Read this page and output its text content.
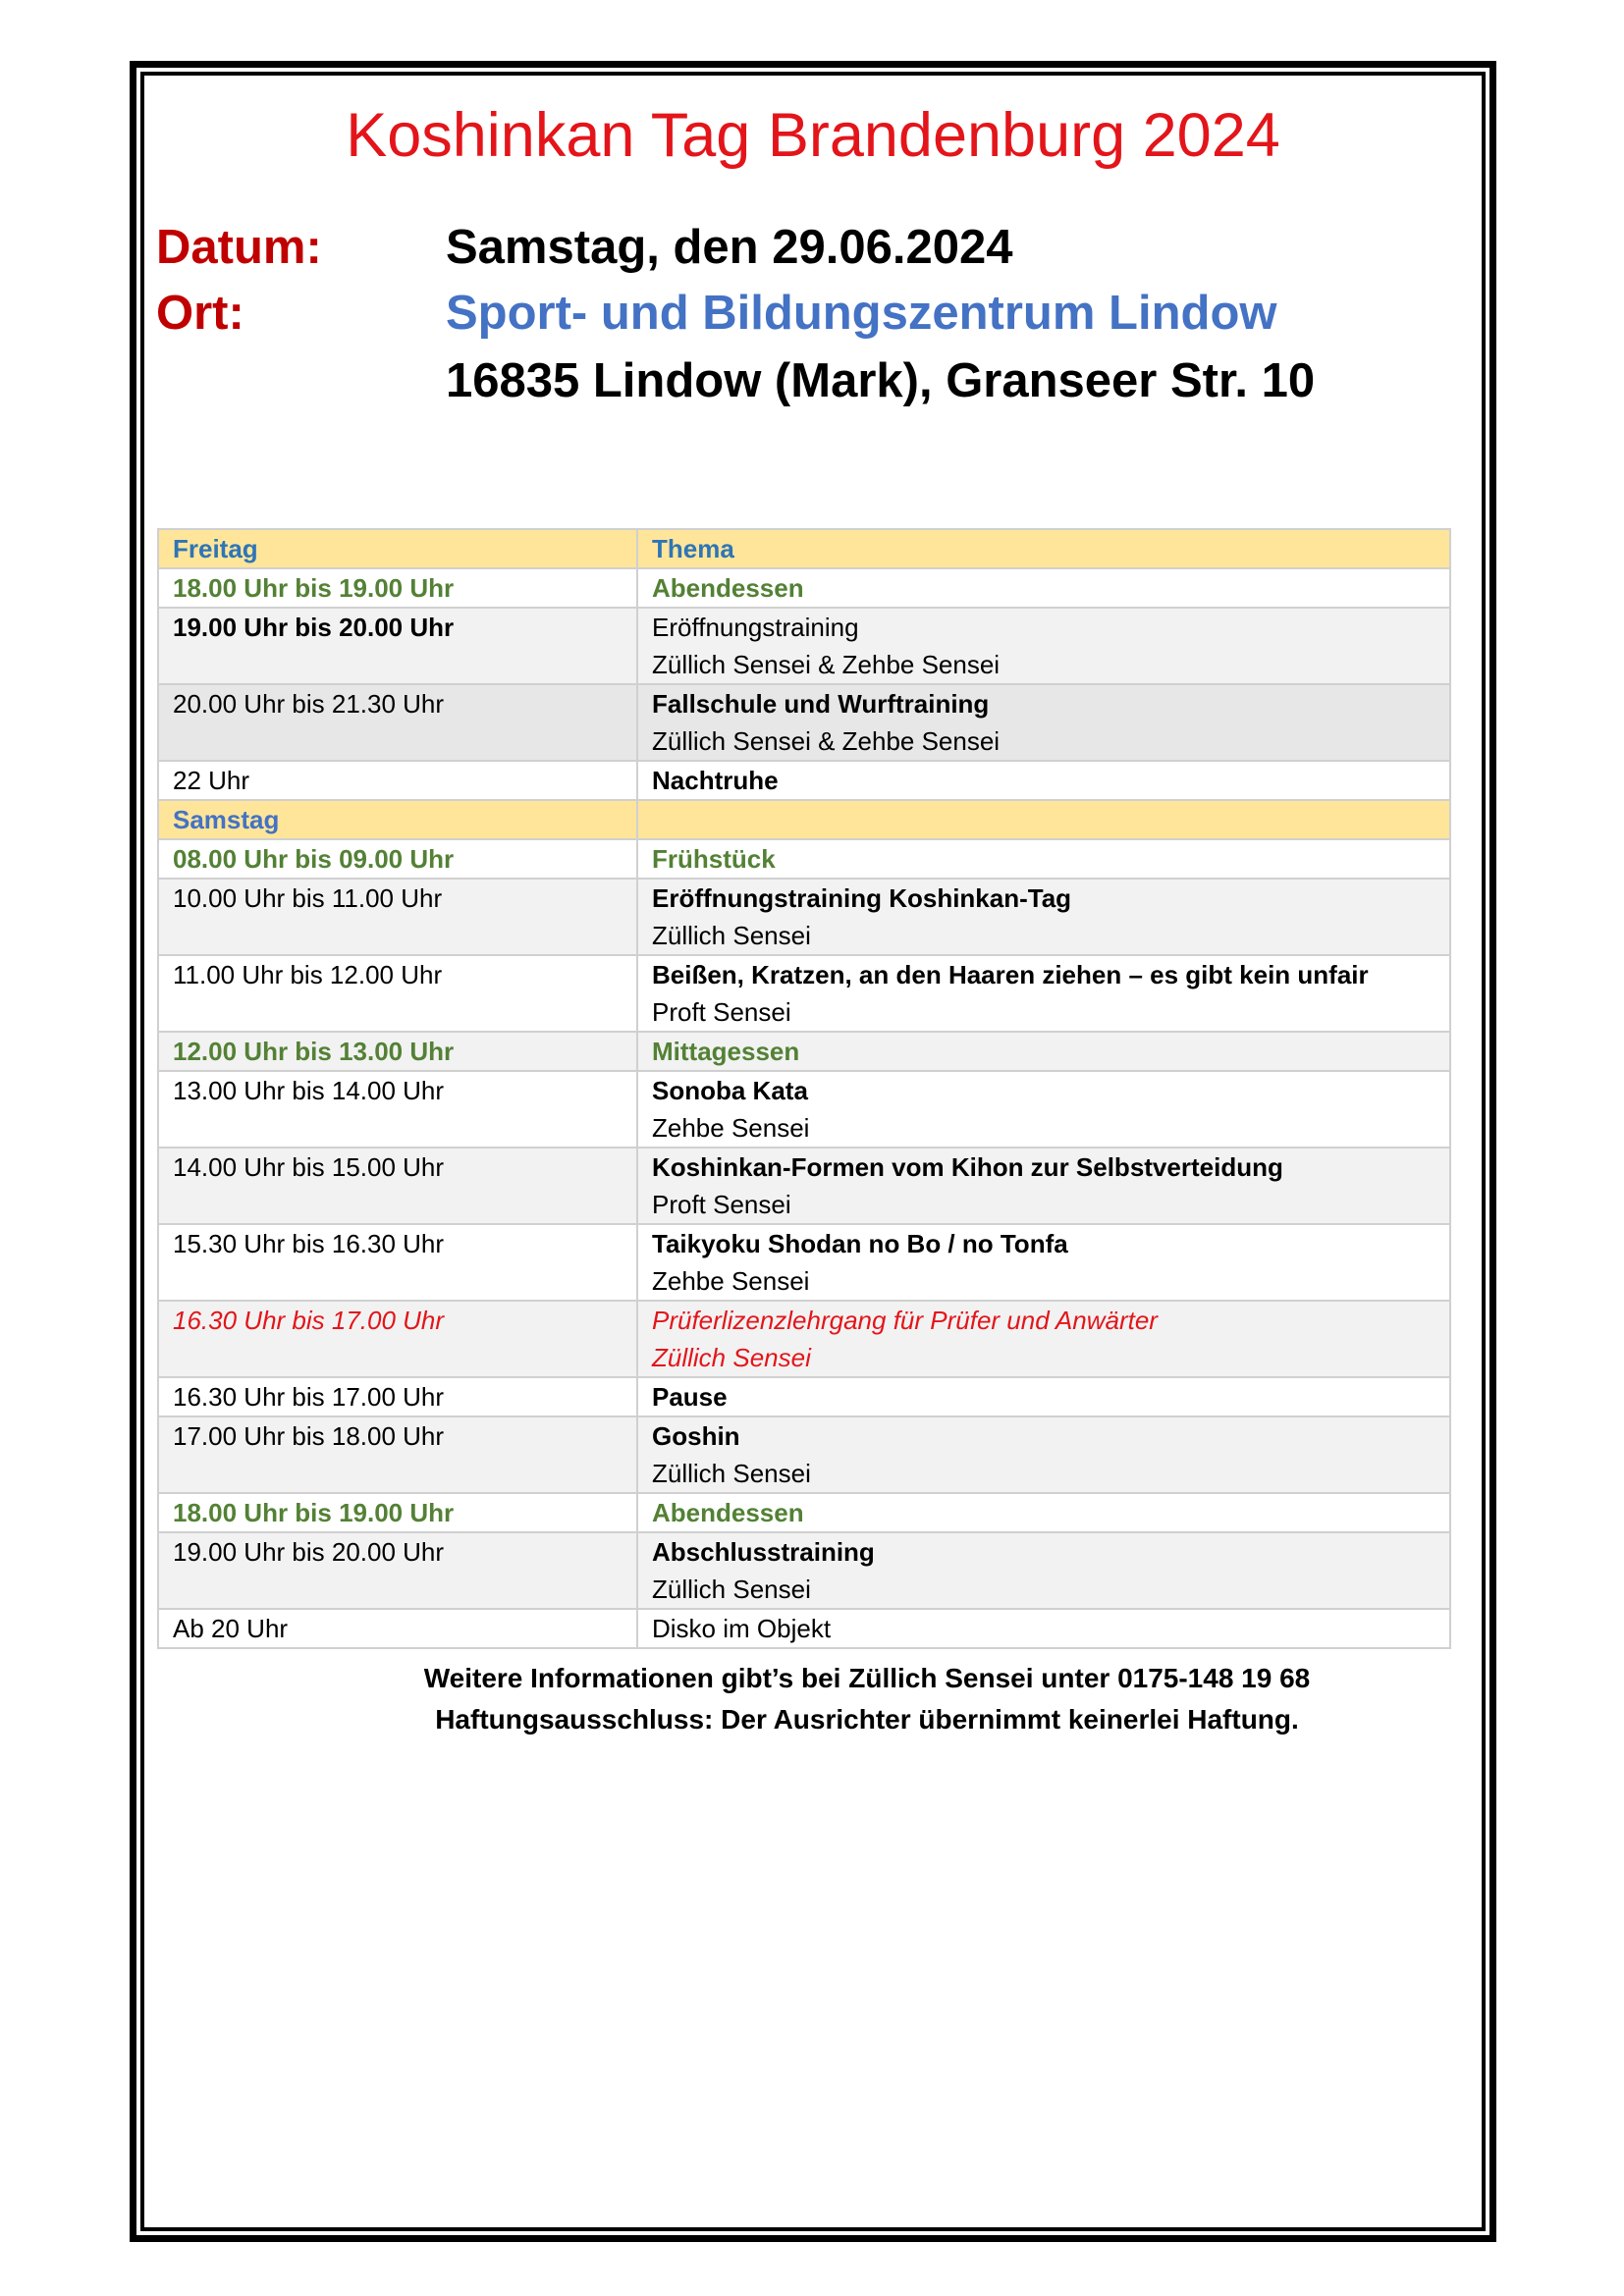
Koshinkan Tag Brandenburg 2024
Datum:	Samstag, den 29.06.2024
Ort:	Sport- und Bildungszentrum Lindow
16835 Lindow (Mark), Granseer Str. 10
Freitag	Thema
18.00 Uhr bis 19.00 Uhr	Abendessen
19.00 Uhr bis 20.00 Uhr	Eröffnungstraining
Züllich Sensei & Zehbe Sensei

20.00 Uhr bis 21.30 Uhr	Fallschule und Wurftraining
Züllich Sensei & Zehbe Sensei

22 Uhr	Nachtruhe
Samstag	
08.00 Uhr bis 09.00 Uhr	Frühstück
10.00 Uhr bis 11.00 Uhr	Eröffnungstraining Koshinkan-Tag
Züllich Sensei

11.00 Uhr bis 12.00 Uhr	Beißen, Kratzen, an den Haaren ziehen – es gibt kein unfair
Proft Sensei

12.00 Uhr bis 13.00 Uhr	Mittagessen
13.00 Uhr bis 14.00 Uhr	Sonoba Kata
Zehbe Sensei

14.00 Uhr bis 15.00 Uhr	Koshinkan-Formen vom Kihon zur Selbstverteidung
Proft Sensei

15.30 Uhr bis 16.30 Uhr	Taikyoku Shodan no Bo / no Tonfa
Zehbe Sensei

16.30 Uhr bis 17.00 Uhr	Prüferlizenzlehrgang für Prüfer und Anwärter
Züllich Sensei

16.30 Uhr bis 17.00 Uhr	Pause
17.00 Uhr bis 18.00 Uhr	Goshin
Züllich Sensei

18.00 Uhr bis 19.00 Uhr	Abendessen
19.00 Uhr bis 20.00 Uhr	Abschlusstraining
Züllich Sensei

Ab 20 Uhr	Disko im Objekt
Weitere Informationen gibt’s bei Züllich Sensei unter 0175-148 19 68
Haftungsausschluss: Der Ausrichter übernimmt keinerlei Haftung.
